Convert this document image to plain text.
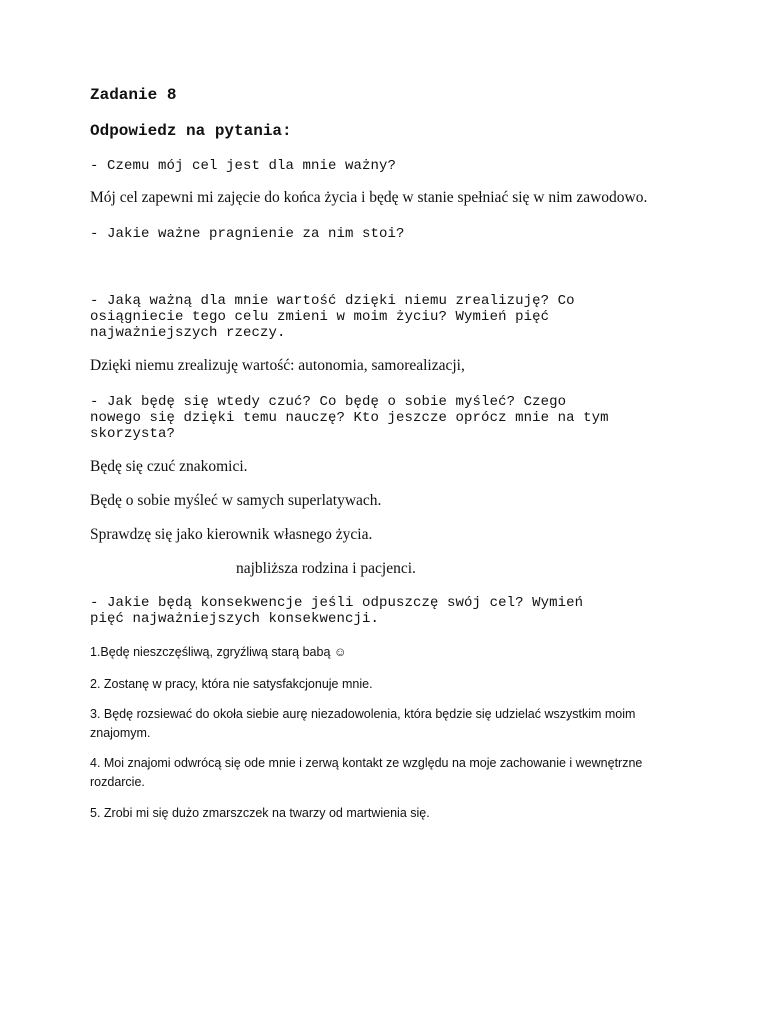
Zadanie 8

Odpowiedz na pytania:

- Czemu mój cel jest dla mnie ważny?

Mój cel zapewni mi zajęcie do końca życia i będę w stanie spełniać się w nim zawodowo.

- Jakie ważne pragnienie za nim stoi?

- Jaką ważną dla mnie wartość dzięki niemu zrealizuję? Co

osiągniecie tego celu zmieni w moim życiu? Wymień pięć

najważniejszych rzeczy.

Dzięki niemu zrealizuję wartość: autonomia, samorealizacji,

- Jak będę się wtedy czuć? Co będę o sobie myśleć? Czego

nowego się dzięki temu nauczę? Kto jeszcze oprócz mnie na tym

skorzysta?

Będę się czuć znakomici.

Będę o sobie myśleć w samych superlatywach.

Sprawdzę się jako kierownik własnego życia.

najbliższa rodzina i pacjenci.

- Jakie będą konsekwencje jeśli odpuszczę swój cel? Wymień

pięć najważniejszych konsekwencji.

1.Będę nieszczęśliwą, zgryźliwą starą babą ☺

2. Zostanę w pracy, która nie satysfakcjonuje mnie.

3. Będę rozsiewać do okoła siebie aurę niezadowolenia, która będzie się udzielać wszystkim moim

znajomym.

4. Moi znajomi odwrócą się ode mnie i zerwą kontakt ze względu na moje zachowanie i wewnętrzne

rozdarcie.

5. Zrobi mi się dużo zmarszczek na twarzy od martwienia się.
